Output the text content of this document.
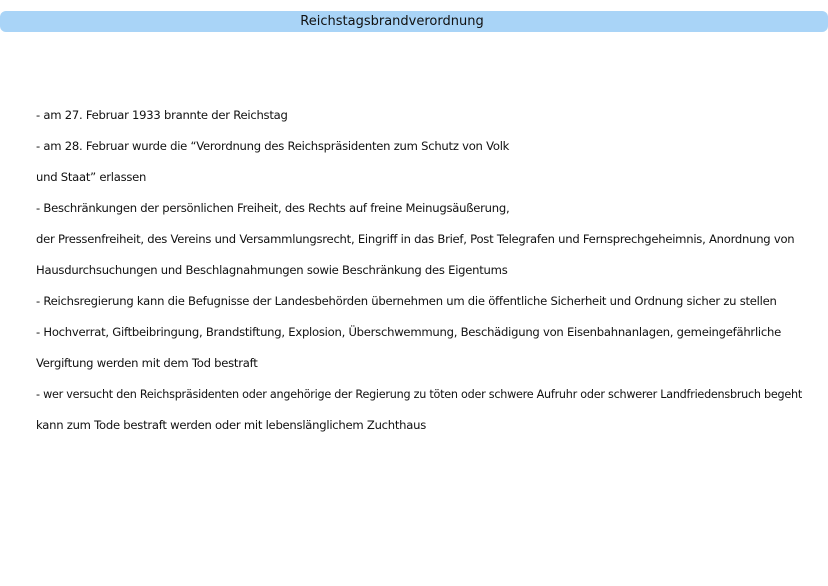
Reichstagsbrandverordnung
- am 27. Februar 1933 brannte der Reichstag
- am 28. Februar wurde die “Verordnung des Reichspräsidenten zum Schutz von Volk
und Staat” erlassen
- Beschränkungen der persönlichen Freiheit, des Rechts auf freine Meinugsäußerung,
der Pressenfreiheit, des Vereins und Versammlungsrecht, Eingriff in das Brief, Post Telegrafen und Fernsprechgeheimnis, Anordnung von
Hausdurchsuchungen und Beschlagnahmungen sowie Beschränkung des Eigentums
- Reichsregierung kann die Befugnisse der Landesbehörden übernehmen um die öffentliche Sicherheit und Ordnung sicher zu stellen
- Hochverrat, Giftbeibringung, Brandstiftung, Explosion, Überschwemmung, Beschädigung von Eisenbahnanlagen, gemeingefährliche
Vergiftung werden mit dem Tod bestraft
- wer versucht den Reichspräsidenten oder angehörige der Regierung zu töten oder schwere Aufruhr oder schwerer Landfriedensbruch begeht
kann zum Tode bestraft werden oder mit lebenslänglichem Zuchthaus
